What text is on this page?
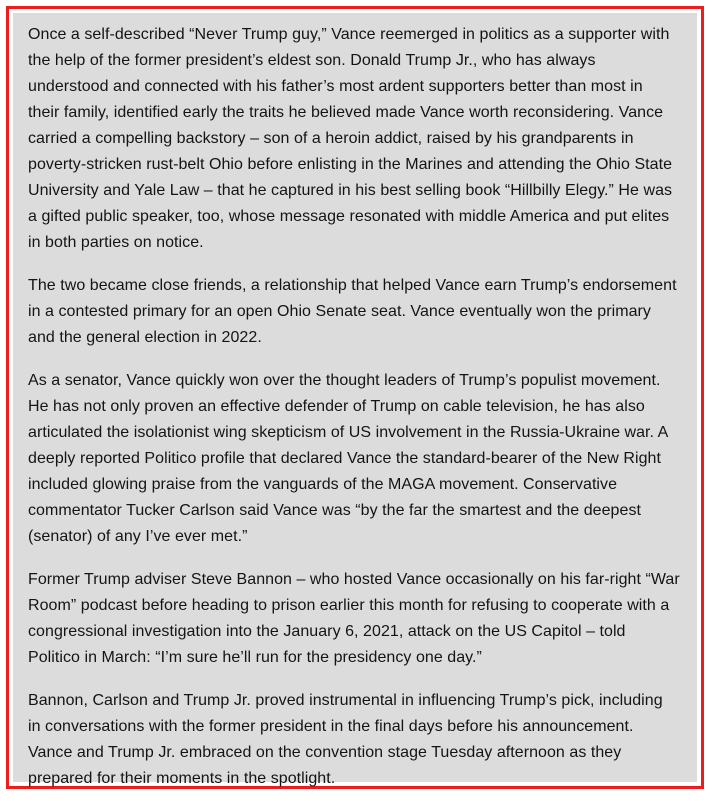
Once a self-described “Never Trump guy,” Vance reemerged in politics as a supporter with
the help of the former president’s eldest son. Donald Trump Jr., who has always
understood and connected with his father’s most ardent supporters better than most in
their family, identified early the traits he believed made Vance worth reconsidering. Vance
carried a compelling backstory – son of a heroin addict, raised by his grandparents in
poverty-stricken rust-belt Ohio before enlisting in the Marines and attending the Ohio State
University and Yale Law – that he captured in his best selling book “Hillbilly Elegy.” He was
a gifted public speaker, too, whose message resonated with middle America and put elites
in both parties on notice.

The two became close friends, a relationship that helped Vance earn Trump’s endorsement
in a contested primary for an open Ohio Senate seat. Vance eventually won the primary
and the general election in 2022.

As a senator, Vance quickly won over the thought leaders of Trump’s populist movement.
He has not only proven an effective defender of Trump on cable television, he has also
articulated the isolationist wing skepticism of US involvement in the Russia-Ukraine war. A
deeply reported Politico profile that declared Vance the standard-bearer of the New Right
included glowing praise from the vanguards of the MAGA movement. Conservative
commentator Tucker Carlson said Vance was “by the far the smartest and the deepest
(senator) of any I’ve ever met.”

Former Trump adviser Steve Bannon – who hosted Vance occasionally on his far-right “War
Room” podcast before heading to prison earlier this month for refusing to cooperate with a
congressional investigation into the January 6, 2021, attack on the US Capitol – told
Politico in March: “I’m sure he’ll run for the presidency one day.”

Bannon, Carlson and Trump Jr. proved instrumental in influencing Trump’s pick, including
in conversations with the former president in the final days before his announcement.
Vance and Trump Jr. embraced on the convention stage Tuesday afternoon as they
prepared for their moments in the spotlight.
